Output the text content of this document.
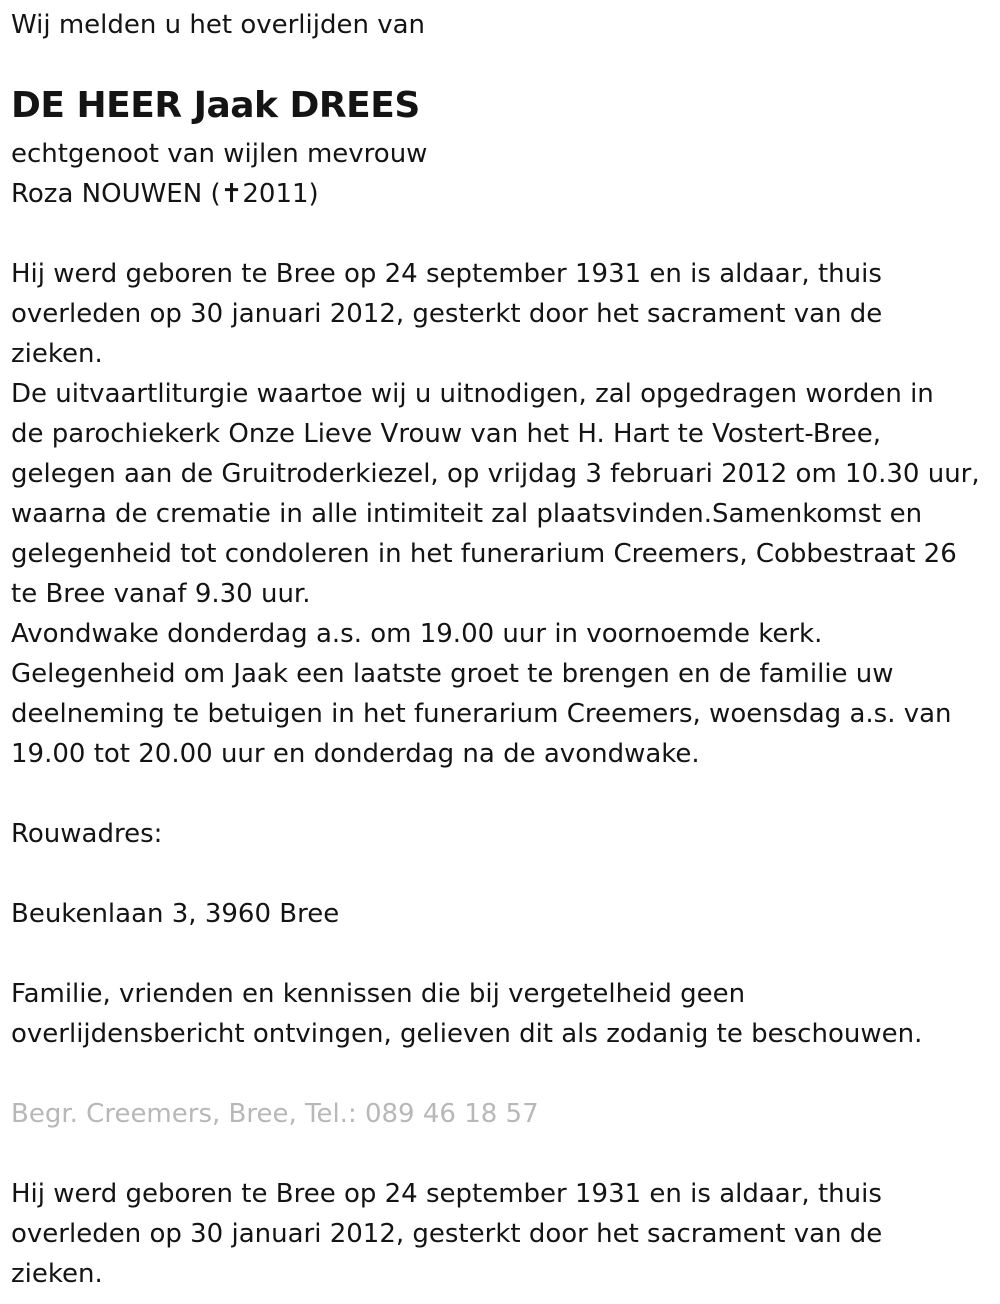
Wij melden u het overlijden van

DE HEER Jaak DREES

echtgenoot van wijlen mevrouw

Roza NOUWEN (✝2011)

Hij werd geboren te Bree op 24 september 1931 en is aldaar, thuis

overleden op 30 januari 2012, gesterkt door het sacrament van de

zieken.

De uitvaartliturgie waartoe wij u uitnodigen, zal opgedragen worden in

de parochiekerk Onze Lieve Vrouw van het H. Hart te Vostert-Bree,

gelegen aan de Gruitroderkiezel, op vrijdag 3 februari 2012 om 10.30 uur,

waarna de crematie in alle intimiteit zal plaatsvinden.Samenkomst en

gelegenheid tot condoleren in het funerarium Creemers, Cobbestraat 26

te Bree vanaf 9.30 uur.

Avondwake donderdag a.s. om 19.00 uur in voornoemde kerk.

Gelegenheid om Jaak een laatste groet te brengen en de familie uw

deelneming te betuigen in het funerarium Creemers, woensdag a.s. van

19.00 tot 20.00 uur en donderdag na de avondwake.

Rouwadres:

Beukenlaan 3, 3960 Bree

Familie, vrienden en kennissen die bij vergetelheid geen

overlijdensbericht ontvingen, gelieven dit als zodanig te beschouwen.

Begr. Creemers, Bree, Tel.: 089 46 18 57

Hij werd geboren te Bree op 24 september 1931 en is aldaar, thuis

overleden op 30 januari 2012, gesterkt door het sacrament van de

zieken.
